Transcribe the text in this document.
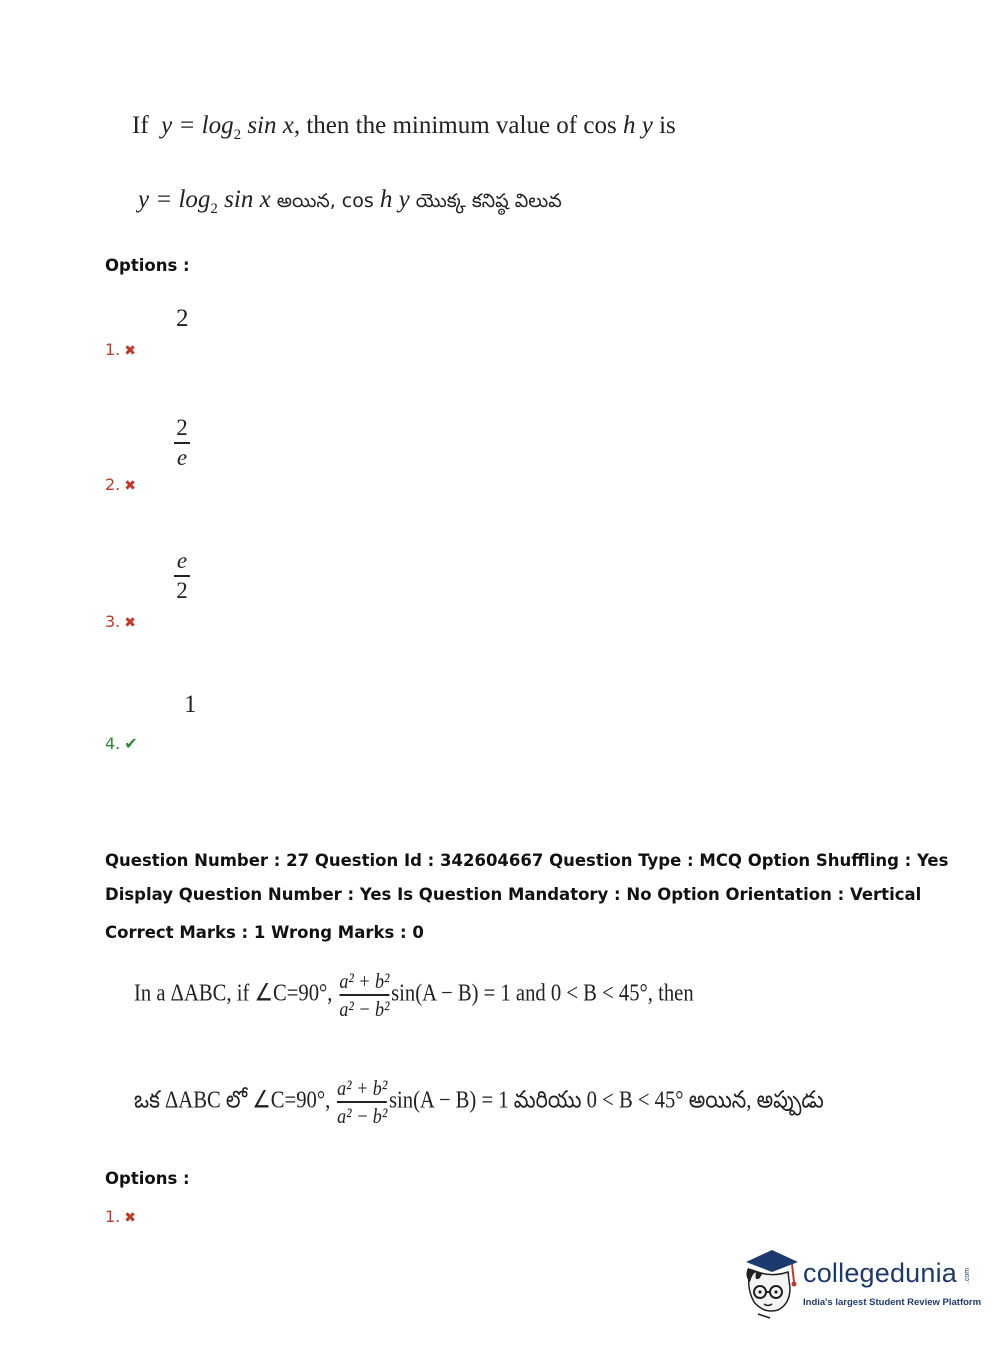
If $y = \log_2 \sin x$, then the minimum value of cos h y is
$y = \log_2 \sin x$ అయిన, cos h y యొక్క కనిష్ఠ విలువ
Options :
2
1. ✖
$\frac{2}{e}$
2. ✖
$\frac{e}{2}$
3. ✖
1
4. ✔
Question Number : 27 Question Id : 342604667 Question Type : MCQ Option Shuffling : Yes
Display Question Number : Yes Is Question Mandatory : No Option Orientation : Vertical
Correct Marks : 1 Wrong Marks : 0
In a ΔABC, if ∠C=90°, $\frac{\text{a² + b²}}{\text{a² − b²}} \sin(A - B) = 1$ and 0 < B < 45°, then
ఒక ΔABC లో ∠C=90°, $\frac{\text{a² + b²}}{\text{a² − b²}} \sin(A - B) = 1$ మరియు 0 < B < 45° అయిన, అప్పుడు
Options :
1. ✖
collegedunia .com
India's largest Student Review Platform
